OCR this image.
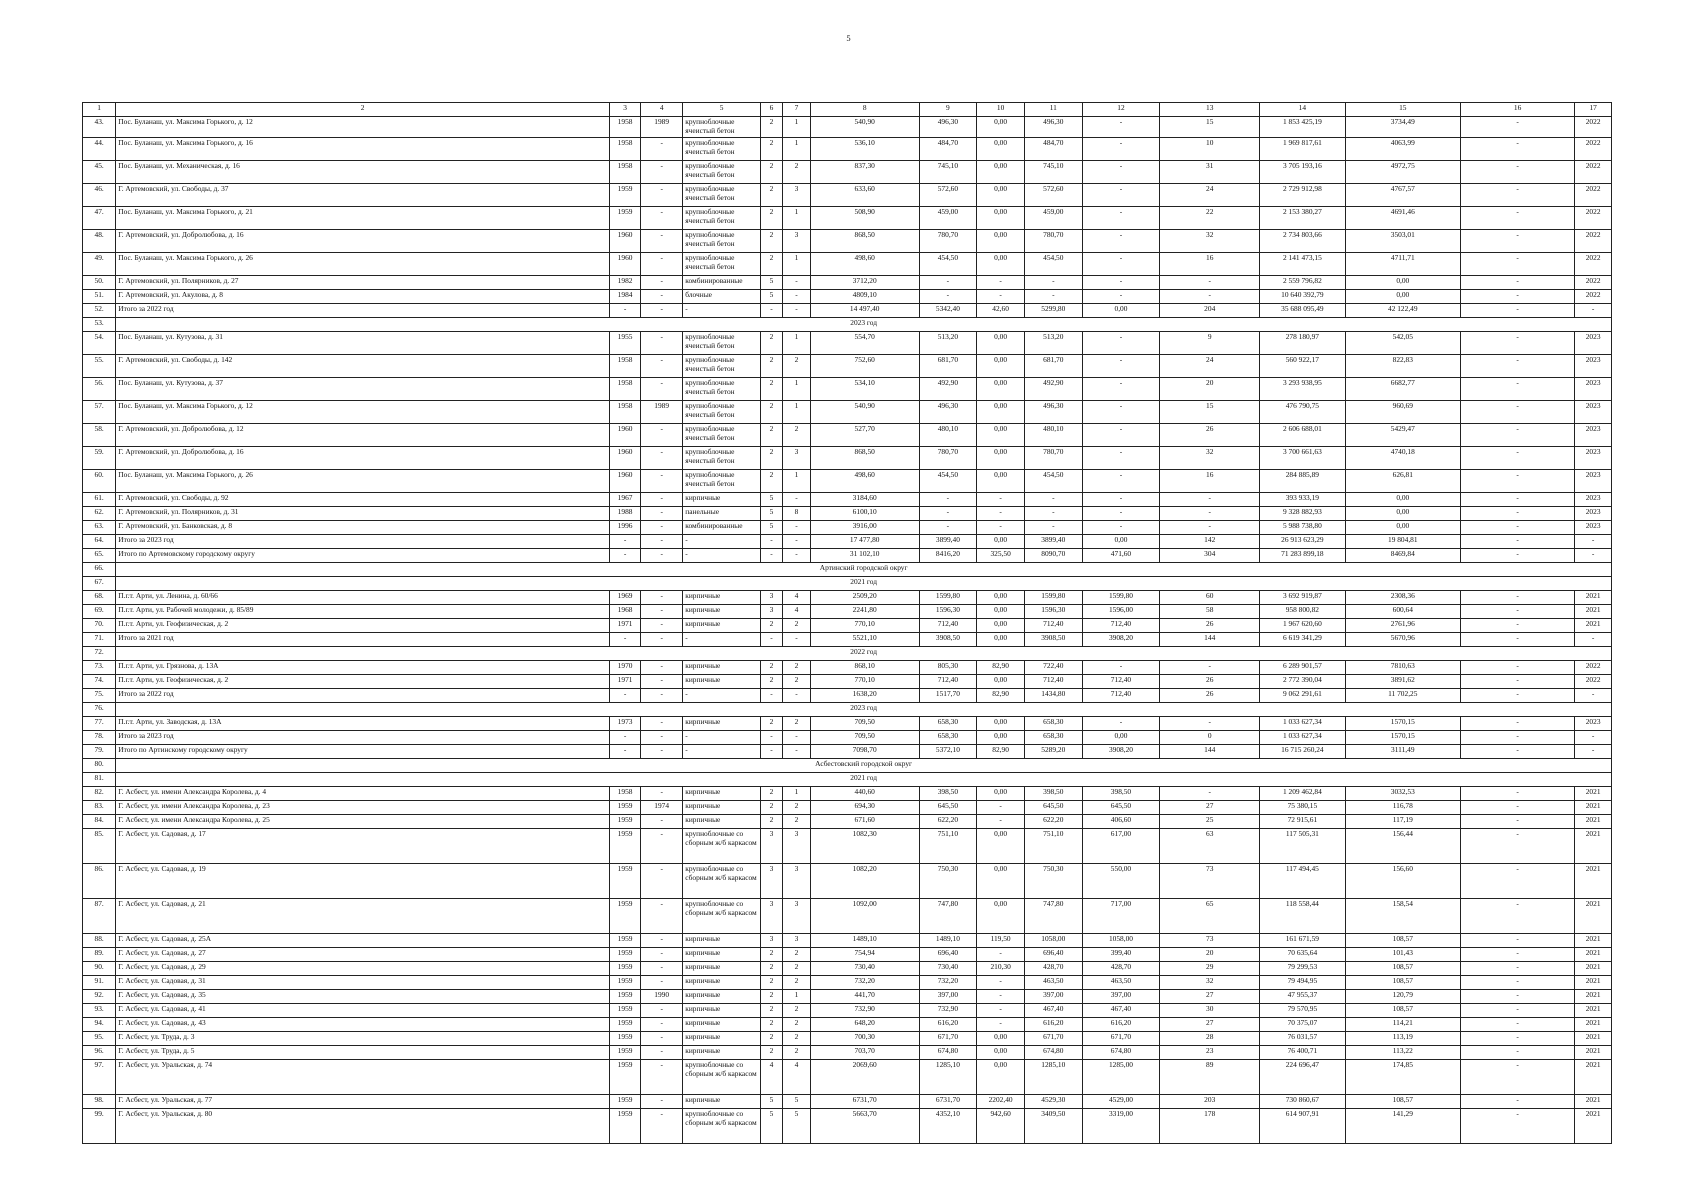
5
1	2	3	4	5	6	7	8	9	10	11	12	13	14	15	16	17
43.	Пос. Буланаш, ул. Максима Горького, д. 12	1958	1989	крупноблочные ячеистый бетон	2	1	540,90	496,30	0,00	496,30	-	15	1 853 425,19	3734,49	-	2022
44.	Пос. Буланаш, ул. Максима Горького, д. 16	1958	-	крупноблочные ячеистый бетон	2	1	536,10	484,70	0,00	484,70	-	10	1 969 817,61	4063,99	-	2022
45.	Пос. Буланаш, ул. Механическая, д. 16	1958	-	крупноблочные ячеистый бетон	2	2	837,30	745,10	0,00	745,10	-	31	3 705 193,16	4972,75	-	2022
46.	Г. Артемовский, ул. Свободы, д. 37	1959	-	крупноблочные ячеистый бетон	2	3	633,60	572,60	0,00	572,60	-	24	2 729 912,98	4767,57	-	2022
47.	Пос. Буланаш, ул. Максима Горького, д. 21	1959	-	крупноблочные ячеистый бетон	2	1	508,90	459,00	0,00	459,00	-	22	2 153 380,27	4691,46	-	2022
48.	Г. Артемовский, ул. Добролюбова, д. 16	1960	-	крупноблочные ячеистый бетон	2	3	868,50	780,70	0,00	780,70	-	32	2 734 803,66	3503,01	-	2022
49.	Пос. Буланаш, ул. Максима Горького, д. 26	1960	-	крупноблочные ячеистый бетон	2	1	498,60	454,50	0,00	454,50	-	16	2 141 473,15	4711,71	-	2022
50.	Г. Артемовский, ул. Полярников, д. 27	1982	-	комбинированные	5	-	3712,20	-	-	-	-	-	2 559 796,82	0,00	-	2022
51.	Г. Артемовский, ул. Акулова, д. 8	1984	-	блочные	5	-	4809,10	-	-	-	-	-	10 640 392,79	0,00	-	2022
52.	Итого за 2022 год	-	-	-	-	-	14 497,40	5342,40	42,60	5299,80	0,00	204	35 688 095,49	42 122,49	-	-
53.	2023 год															
54.	Пос. Буланаш, ул. Кутузова, д. 31	1955	-	крупноблочные ячеистый бетон	2	1	554,70	513,20	0,00	513,20	-	9	278 180,97	542,05	-	2023
55.	Г. Артемовский, ул. Свободы, д. 142	1958	-	крупноблочные ячеистый бетон	2	2	752,60	681,70	0,00	681,70	-	24	560 922,17	822,83	-	2023
56.	Пос. Буланаш, ул. Кутузова, д. 37	1958	-	крупноблочные ячеистый бетон	2	1	534,10	492,90	0,00	492,90	-	20	3 293 938,95	6682,77	-	2023
57.	Пос. Буланаш, ул. Максима Горького, д. 12	1958	1989	крупноблочные ячеистый бетон	2	1	540,90	496,30	0,00	496,30	-	15	476 790,75	960,69	-	2023
58.	Г. Артемовский, ул. Добролюбова, д. 12	1960	-	крупноблочные ячеистый бетон	2	2	527,70	480,10	0,00	480,10	-	26	2 606 688,01	5429,47	-	2023
59.	Г. Артемовский, ул. Добролюбова, д. 16	1960	-	крупноблочные ячеистый бетон	2	3	868,50	780,70	0,00	780,70	-	32	3 700 661,63	4740,18	-	2023
60.	Пос. Буланаш, ул. Максима Горького, д. 26	1960	-	крупноблочные ячеистый бетон	2	1	498,60	454,50	0,00	454,50	-	16	284 885,89	626,81	-	2023
61.	Г. Артемовский, ул. Свободы, д. 92	1967	-	кирпичные	5	-	3184,60	-	-	-	-	-	393 933,19	0,00	-	2023
62.	Г. Артемовский, ул. Полярников, д. 31	1988	-	панельные	5	8	6100,10	-	-	-	-	-	9 328 882,93	0,00	-	2023
63.	Г. Артемовский, ул. Банковская, д. 8	1996	-	комбинированные	5	-	3916,00	-	-	-	-	-	5 988 738,80	0,00	-	2023
64.	Итого за 2023 год	-	-	-	-	-	17 477,80	3899,40	0,00	3899,40	0,00	142	26 913 623,29	19 804,81	-	-
65.	Итого по Артемовскому городскому округу	-	-	-	-	-	31 102,10	8416,20	325,50	8090,70	471,60	304	71 283 899,18	8469,84	-	-
66.	Артинский городской округ															
67.	2021 год															
68.	П.г.т. Арти, ул. Ленина, д. 60/66	1969	-	кирпичные	3	4	2509,20	1599,80	0,00	1599,80	1599,80	60	3 692 919,87	2308,36	-	2021
69.	П.г.т. Арти, ул. Рабочей молодежи, д. 85/89	1968	-	кирпичные	3	4	2241,80	1596,30	0,00	1596,30	1596,00	58	958 800,82	600,64	-	2021
70.	П.г.т. Арти, ул. Геофизическая, д. 2	1971	-	кирпичные	2	2	770,10	712,40	0,00	712,40	712,40	26	1 967 620,60	2761,96	-	2021
71.	Итого за 2021 год	-	-	-	-	-	5521,10	3908,50	0,00	3908,50	3908,20	144	6 619 341,29	5670,96	-	-
72.	2022 год															
73.	П.г.т. Арти, ул. Грязнова, д. 13А	1970	-	кирпичные	2	2	868,10	805,30	82,90	722,40	-	-	6 289 901,57	7810,63	-	2022
74.	П.г.т. Арти, ул. Геофизическая, д. 2	1971	-	кирпичные	2	2	770,10	712,40	0,00	712,40	712,40	26	2 772 390,04	3891,62	-	2022
75.	Итого за 2022 год	-	-	-	-	-	1638,20	1517,70	82,90	1434,80	712,40	26	9 062 291,61	11 702,25	-	-
76.	2023 год															
77.	П.г.т. Арти, ул. Заводская, д. 13А	1973	-	кирпичные	2	2	709,50	658,30	0,00	658,30	-	-	1 033 627,34	1570,15	-	2023
78.	Итого за 2023 год	-	-	-	-	-	709,50	658,30	0,00	658,30	0,00	0	1 033 627,34	1570,15	-	-
79.	Итого по Артинскому городскому округу	-	-	-	-	-	7098,70	5372,10	82,90	5289,20	3908,20	144	16 715 260,24	3111,49	-	-
80.	Асбестовский городской округ															
81.	2021 год															
82.	Г. Асбест, ул. имени Александра Королева, д. 4	1958	-	кирпичные	2	1	440,60	398,50	0,00	398,50	398,50	-	1 209 462,84	3032,53	-	2021
83.	Г. Асбест, ул. имени Александра Королева, д. 23	1959	1974	кирпичные	2	2	694,30	645,50	-	645,50	645,50	27	75 380,15	116,78	-	2021
84.	Г. Асбест, ул. имени Александра Королева, д. 25	1959	-	кирпичные	2	2	671,60	622,20	-	622,20	406,60	25	72 915,61	117,19	-	2021
85.	Г. Асбест, ул. Садовая, д. 17	1959	-	крупноблочные со сборным ж/б каркасом	3	3	1082,30	751,10	0,00	751,10	617,00	63	117 505,31	156,44	-	2021
86.	Г. Асбест, ул. Садовая, д. 19	1959	-	крупноблочные со сборным ж/б каркасом	3	3	1082,20	750,30	0,00	750,30	550,00	73	117 494,45	156,60	-	2021
87.	Г. Асбест, ул. Садовая, д. 21	1959	-	крупноблочные со сборным ж/б каркасом	3	3	1092,00	747,80	0,00	747,80	717,00	65	118 558,44	158,54	-	2021
88.	Г. Асбест, ул. Садовая, д. 25А	1959	-	кирпичные	3	3	1489,10	1489,10	119,50	1058,00	1058,00	73	161 671,59	108,57	-	2021
89.	Г. Асбест, ул. Садовая, д. 27	1959	-	кирпичные	2	2	754,94	696,40	-	696,40	399,40	20	70 635,64	101,43	-	2021
90.	Г. Асбест, ул. Садовая, д. 29	1959	-	кирпичные	2	2	730,40	730,40	210,30	428,70	428,70	29	79 299,53	108,57	-	2021
91.	Г. Асбест, ул. Садовая, д. 31	1959	-	кирпичные	2	2	732,20	732,20	-	463,50	463,50	32	79 494,95	108,57	-	2021
92.	Г. Асбест, ул. Садовая, д. 35	1959	1990	кирпичные	2	1	441,70	397,00	-	397,00	397,00	27	47 955,37	120,79	-	2021
93.	Г. Асбест, ул. Садовая, д. 41	1959	-	кирпичные	2	2	732,90	732,90	-	467,40	467,40	30	79 570,95	108,57	-	2021
94.	Г. Асбест, ул. Садовая, д. 43	1959	-	кирпичные	2	2	648,20	616,20	-	616,20	616,20	27	70 375,07	114,21	-	2021
95.	Г. Асбест, ул. Труда, д. 3	1959	-	кирпичные	2	2	700,30	671,70	0,00	671,70	671,70	28	76 031,57	113,19	-	2021
96.	Г. Асбест, ул. Труда, д. 5	1959	-	кирпичные	2	2	703,70	674,80	0,00	674,80	674,80	23	76 400,71	113,22	-	2021
97.	Г. Асбест, ул. Уральская, д. 74	1959	-	крупноблочные со сборным ж/б каркасом	4	4	2069,60	1285,10	0,00	1285,10	1285,00	89	224 696,47	174,85	-	2021
98.	Г. Асбест, ул. Уральская, д. 77	1959	-	кирпичные	5	5	6731,70	6731,70	2202,40	4529,30	4529,00	203	730 860,67	108,57	-	2021
99.	Г. Асбест, ул. Уральская, д. 80	1959	-	крупноблочные со сборным ж/б каркасом	5	5	5663,70	4352,10	942,60	3409,50	3319,00	178	614 907,91	141,29	-	2021
